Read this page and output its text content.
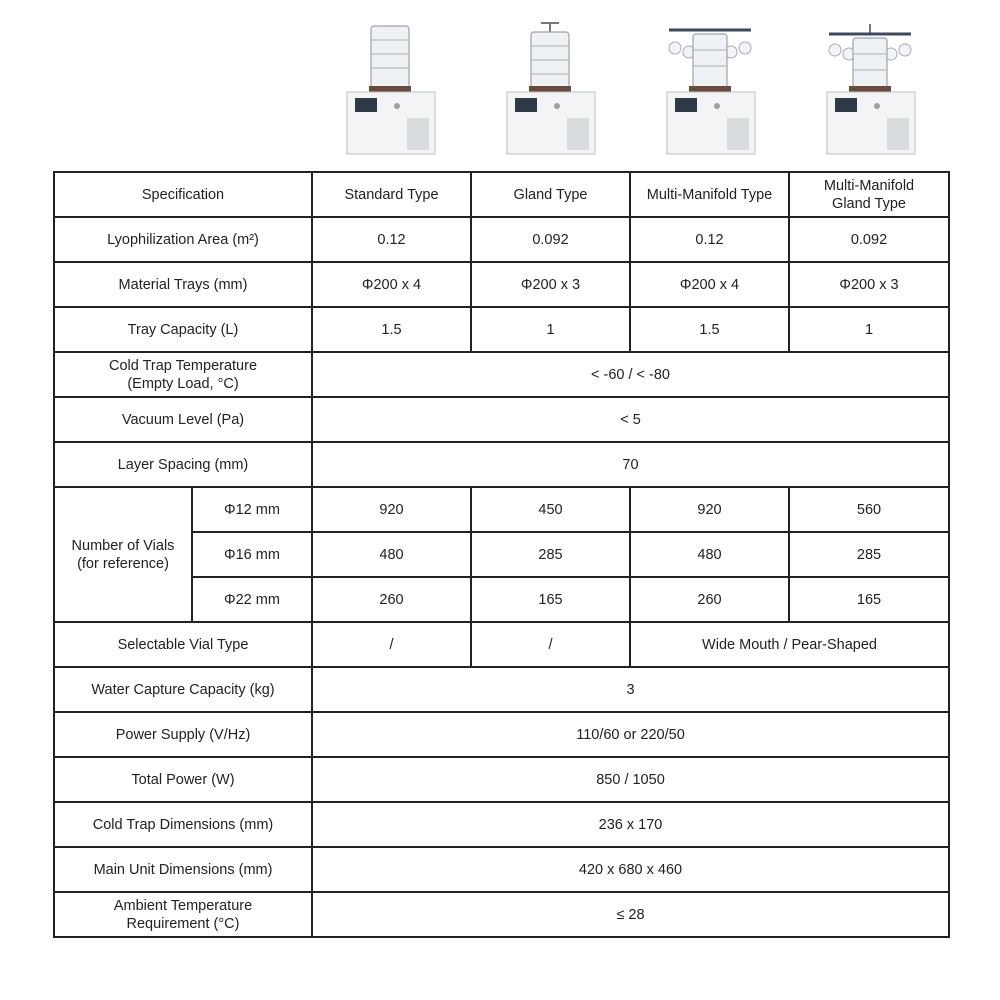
Specification		Standard Type	Gland Type	Multi-Manifold Type	Multi-Manifold
Gland Type
Lyophilization Area (m²)		0.12	0.092	0.12	0.092
Material Trays (mm)		Φ200 x 4	Φ200 x 3	Φ200 x 4	Φ200 x 3
Tray Capacity (L)		1.5	1	1.5	1
Cold Trap Temperature
(Empty Load, °C)		< -60 / < -80			
Vacuum Level (Pa)		< 5			
Layer Spacing (mm)		70			
Number of Vials
(for reference)	Φ12 mm	920	450	920	560
	Φ16 mm	480	285	480	285
	Φ22 mm	260	165	260	165
Selectable Vial Type		/	/	Wide Mouth / Pear-Shaped	
Water Capture Capacity (kg)		3			
Power Supply (V/Hz)		110/60 or 220/50			
Total Power (W)		850 / 1050			
Cold Trap Dimensions (mm)		236 x 170			
Main Unit Dimensions (mm)		420 x 680 x 460			
Ambient Temperature
Requirement (°C)		≤ 28			
